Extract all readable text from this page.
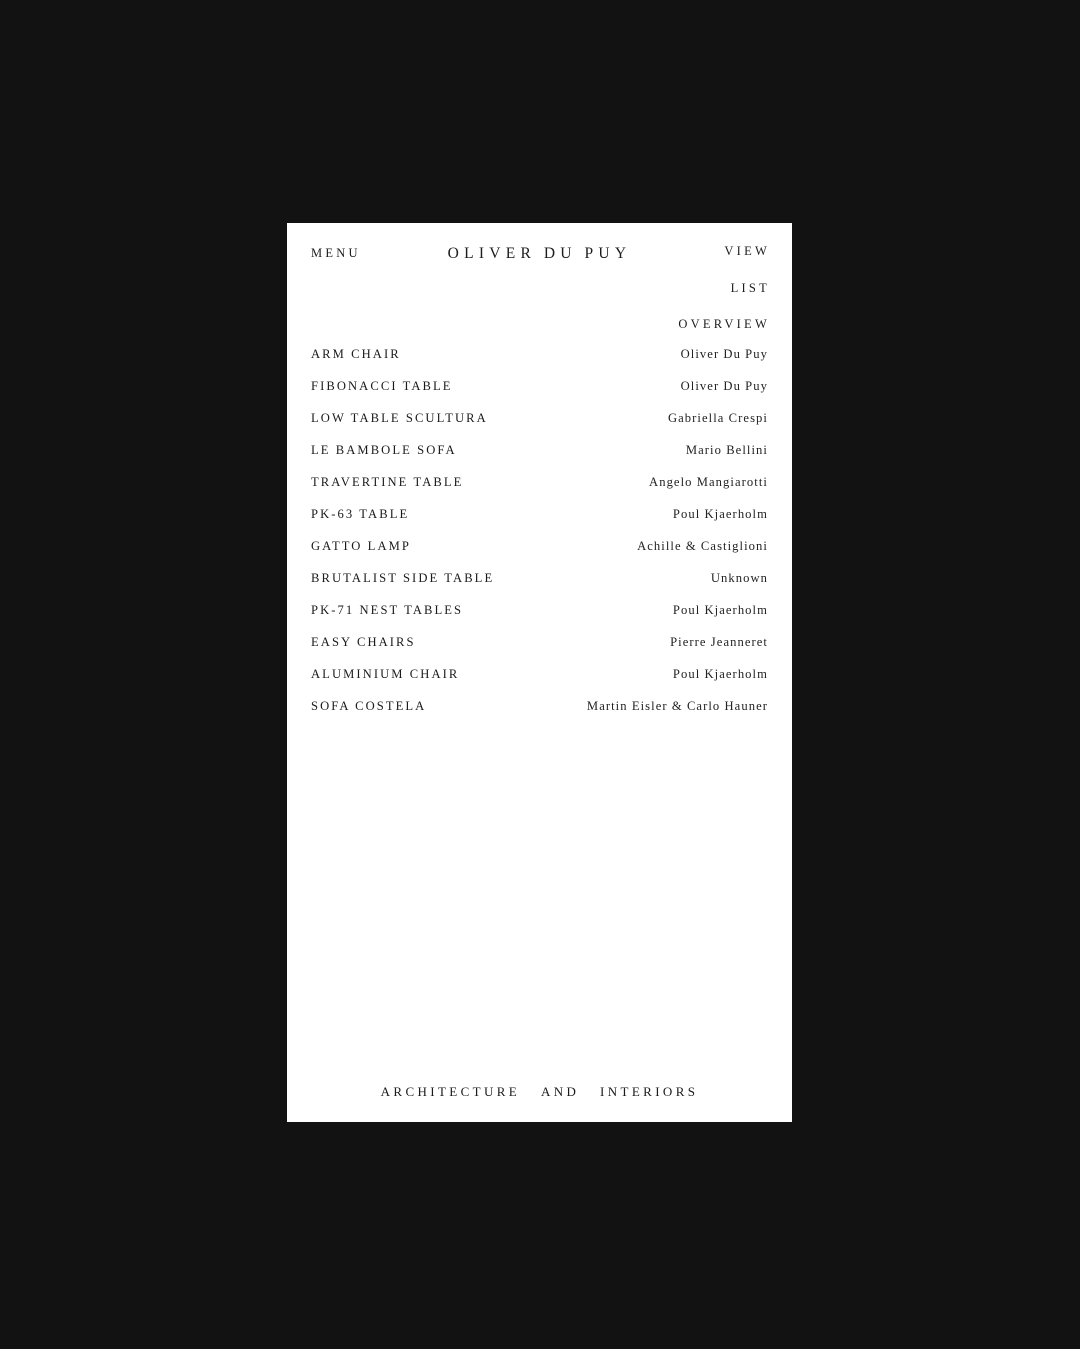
MENU	OLIVER DU PUY	VIEW
LIST
OVERVIEW
ARM CHAIR	Oliver Du Puy
FIBONACCI TABLE	Oliver Du Puy
LOW TABLE SCULTURA	Gabriella Crespi
LE BAMBOLE SOFA	Mario Bellini
TRAVERTINE TABLE	Angelo Mangiarotti
PK-63 TABLE	Poul Kjaerholm
GATTO LAMP	Achille & Castiglioni
BRUTALIST SIDE TABLE	Unknown
PK-71 NEST TABLES	Poul Kjaerholm
EASY CHAIRS	Pierre Jeanneret
ALUMINIUM CHAIR	Poul Kjaerholm
SOFA COSTELA	Martin Eisler & Carlo Hauner
ARCHITECTURE AND INTERIORS
